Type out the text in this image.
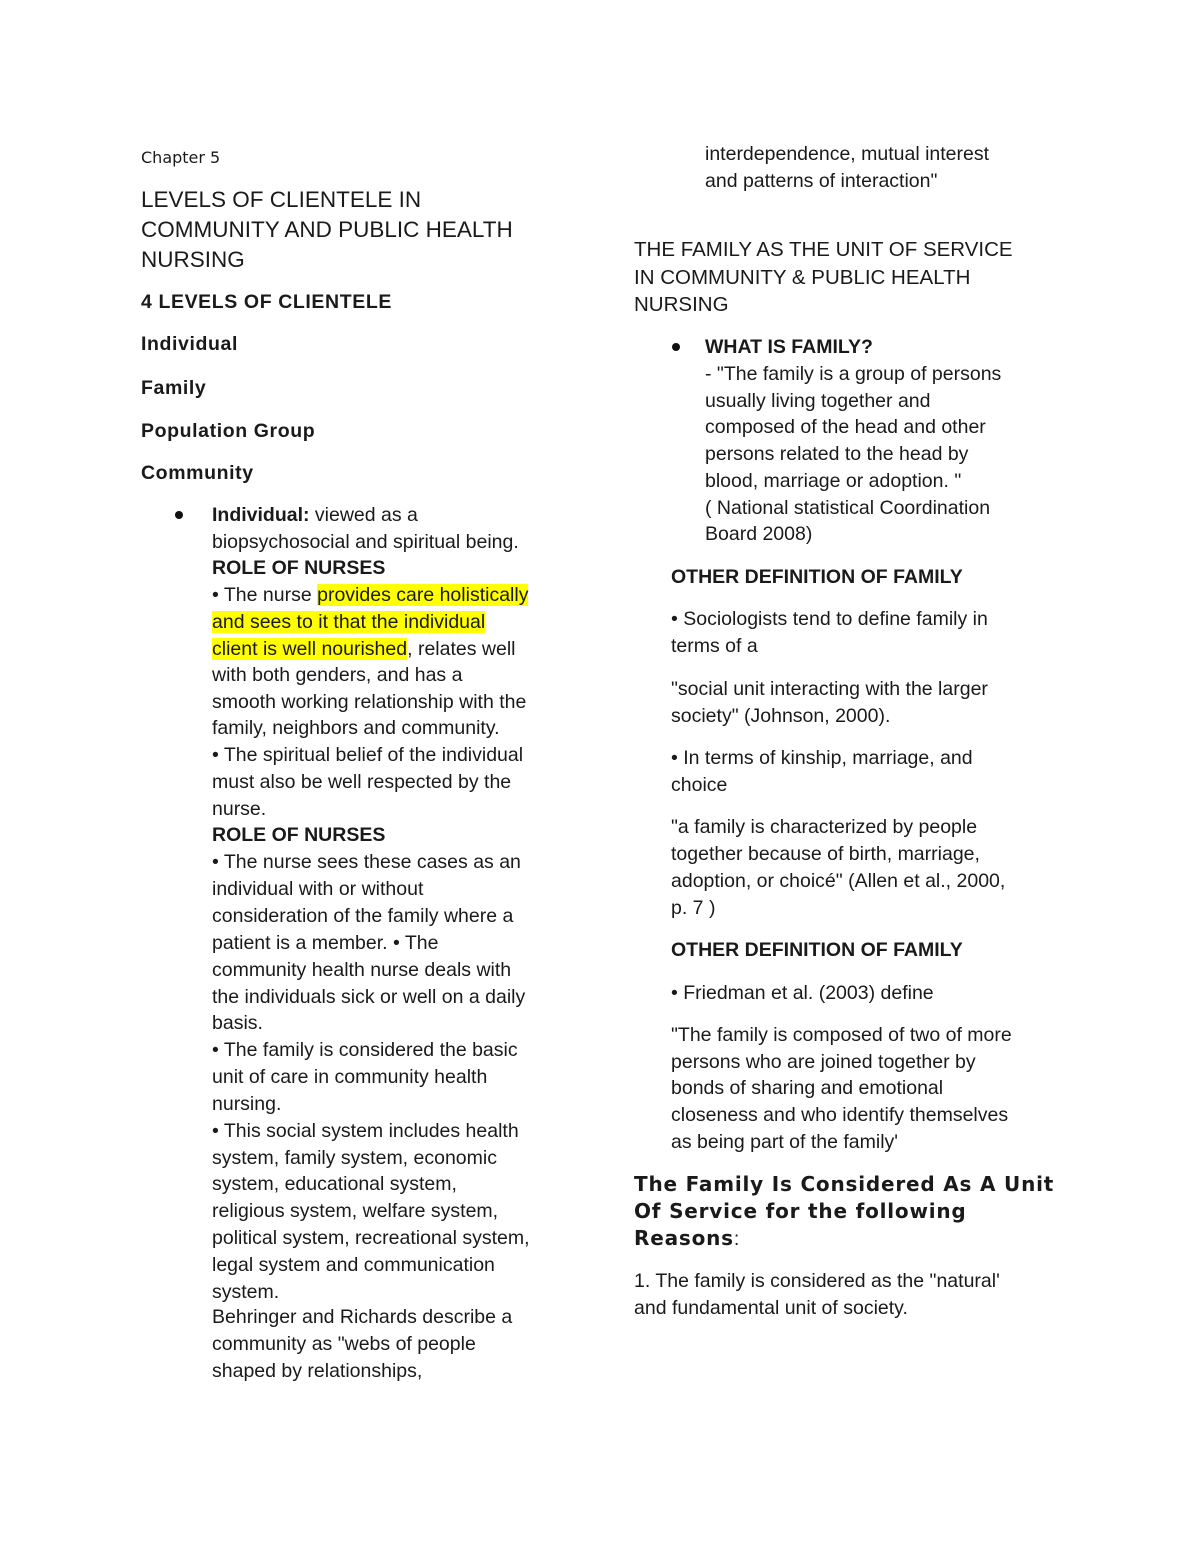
Chapter 5
LEVELS OF CLIENTELE IN
COMMUNITY AND PUBLIC HEALTH
NURSING
4 LEVELS OF CLIENTELE
Individual
Family
Population Group
Community
Individual: viewed as a
biopsychosocial and spiritual being.
ROLE OF NURSES
• The nurse provides care holistically
and sees to it that the individual
client is well nourished, relates well
with both genders, and has a
smooth working relationship with the
family, neighbors and community.
• The spiritual belief of the individual
must also be well respected by the
nurse.
ROLE OF NURSES
• The nurse sees these cases as an
individual with or without
consideration of the family where a
patient is a member. • The
community health nurse deals with
the individuals sick or well on a daily
basis.
• The family is considered the basic
unit of care in community health
nursing.
• This social system includes health
system, family system, economic
system, educational system,
religious system, welfare system,
political system, recreational system,
legal system and communication
system.
Behringer and Richards describe a
community as "webs of people
shaped by relationships,
interdependence, mutual interest
and patterns of interaction"
THE FAMILY AS THE UNIT OF SERVICE
IN COMMUNITY & PUBLIC HEALTH
NURSING
WHAT IS FAMILY?
- "The family is a group of persons
usually living together and
composed of the head and other
persons related to the head by
blood, marriage or adoption. "
( National statistical Coordination
Board 2008)
OTHER DEFINITION OF FAMILY
• Sociologists tend to define family in
terms of a
"social unit interacting with the larger
society" (Johnson, 2000).
• In terms of kinship, marriage, and
choice
"a family is characterized by people
together because of birth, marriage,
adoption, or choicé" (Allen et al., 2000,
p. 7 )
OTHER DEFINITION OF FAMILY
• Friedman et al. (2003) define
"The family is composed of two of more
persons who are joined together by
bonds of sharing and emotional
closeness and who identify themselves
as being part of the family'
The Family Is Considered As A Unit
Of Service for the following
Reasons:
1. The family is considered as the "natural'
and fundamental unit of society.
